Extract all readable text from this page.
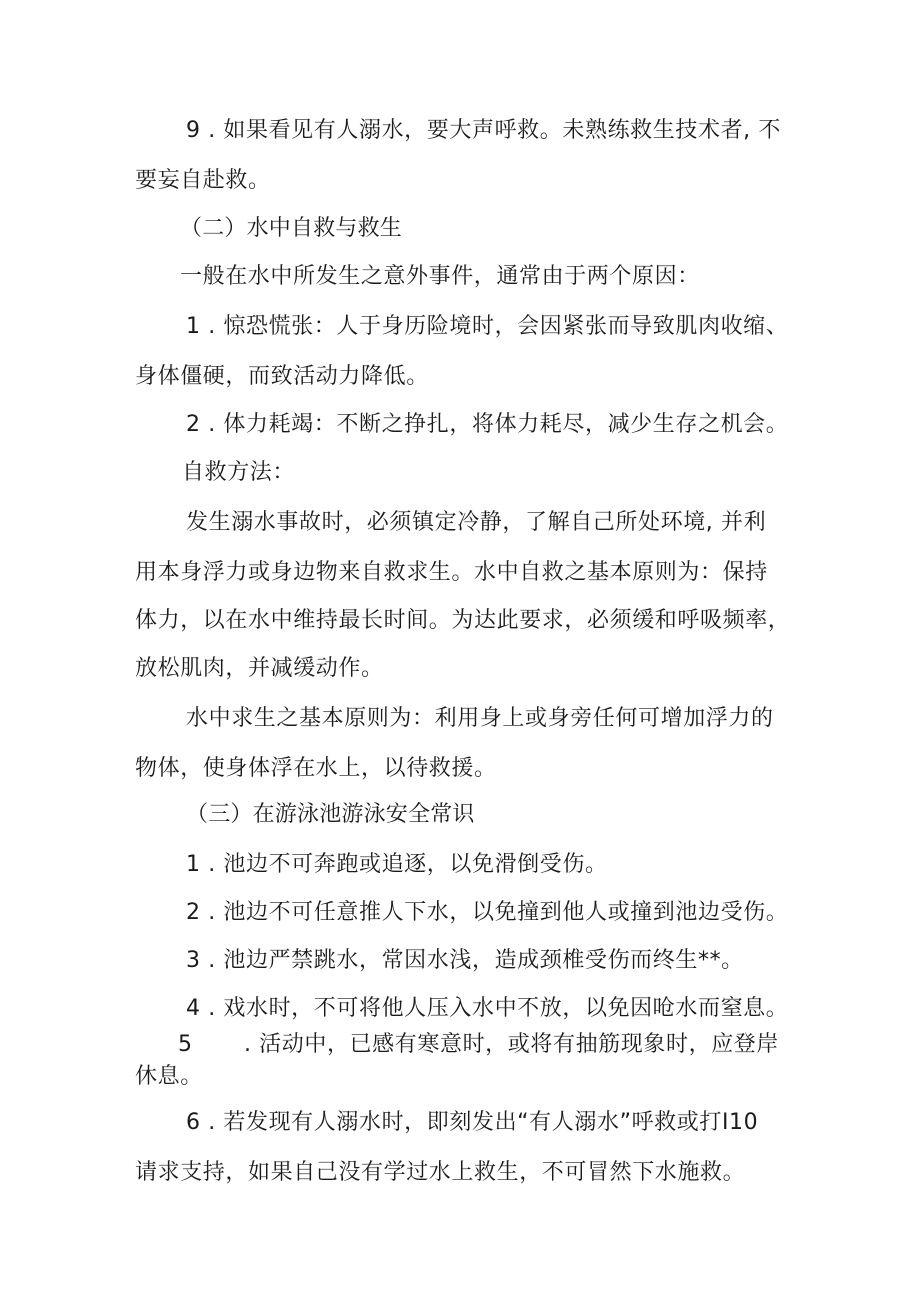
9 . 如果看见有人溺水，要大声呼救。未熟练救生技术者, 不
要妄自赴救。
（二）水中自救与救生
一般在水中所发生之意外事件，通常由于两个原因：
1 . 惊恐慌张：人于身历险境时，会因紧张而导致肌肉收缩、
身体僵硬，而致活动力降低。
2 . 体力耗竭：不断之挣扎，将体力耗尽，减少生存之机会。
自救方法：
发生溺水事故时，必须镇定冷静，了解自己所处环境, 并利
用本身浮力或身边物来自救求生。水中自救之基本原则为：保持
体力，以在水中维持最长时间。为达此要求，必须缓和呼吸频率，
放松肌肉，并减缓动作。
水中求生之基本原则为：利用身上或身旁任何可增加浮力的
物体，使身体浮在水上，以待救援。
（三）在游泳池游泳安全常识
1 . 池边不可奔跑或追逐，以免滑倒受伤。
2 . 池边不可任意推人下水，以免撞到他人或撞到池边受伤。
3 . 池边严禁跳水，常因水浅，造成颈椎受伤而终生**。
4 . 戏水时，不可将他人压入水中不放，以免因呛水而窒息。
5 . 活动中，已感有寒意时，或将有抽筋现象时，应登岸
休息。
6 . 若发现有人溺水时，即刻发出“有人溺水”呼救或打I10
请求支持，如果自己没有学过水上救生，不可冒然下水施救。
